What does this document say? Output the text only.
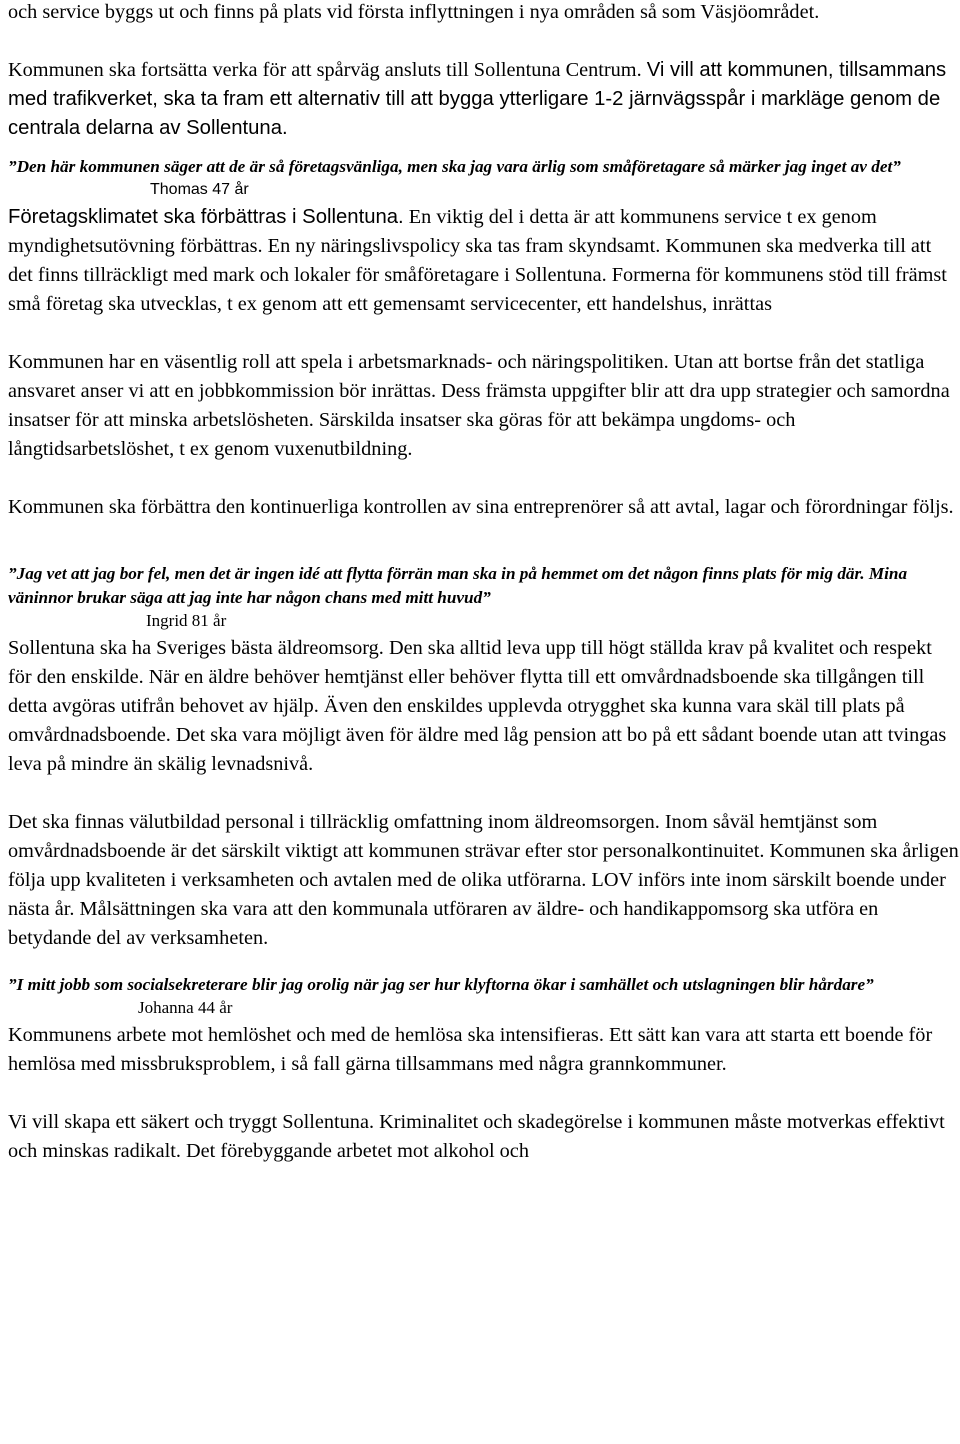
och service byggs ut och finns på plats vid första inflyttningen i nya områden så som Väsjöområdet.

Kommunen ska fortsätta verka för att spårväg ansluts till Sollentuna Centrum. Vi vill att kommunen, tillsammans med trafikverket, ska ta fram ett alternativ till att bygga ytterligare 1-2 järnvägsspår i markläge genom de centrala delarna av Sollentuna.

”Den här kommunen säger att de är så företagsvänliga, men ska jag vara ärlig som småföretagare så märker jag inget av det”

Thomas 47 år

Företagsklimatet ska förbättras i Sollentuna. En viktig del i detta är att kommunens service t ex genom myndighetsutövning förbättras. En ny näringslivspolicy ska tas fram skyndsamt. Kommunen ska medverka till att det finns tillräckligt med mark och lokaler för småföretagare i Sollentuna. Formerna för kommunens stöd till främst små företag ska utvecklas, t ex genom att ett gemensamt servicecenter, ett handelshus, inrättas

Kommunen har en väsentlig roll att spela i arbetsmarknads- och näringspolitiken. Utan att bortse från det statliga ansvaret anser vi att en jobbkommission bör inrättas. Dess främsta uppgifter blir att dra upp strategier och samordna insatser för att minska arbetslösheten. Särskilda insatser ska göras för att bekämpa ungdoms- och långtidsarbetslöshet, t ex genom vuxenutbildning.

Kommunen ska förbättra den kontinuerliga kontrollen av sina entreprenörer så att avtal, lagar och förordningar följs.

”Jag vet att jag bor fel, men det är ingen idé att flytta förrän man ska in på hemmet om det någon finns plats för mig där. Mina väninnor brukar säga att jag inte har någon chans med mitt huvud”

Ingrid 81 år

Sollentuna ska ha Sveriges bästa äldreomsorg. Den ska alltid leva upp till högt ställda krav på kvalitet och respekt för den enskilde. När en äldre behöver hemtjänst eller behöver flytta till ett omvårdnadsboende ska tillgången till detta avgöras utifrån behovet av hjälp. Även den enskildes upplevda otrygghet ska kunna vara skäl till plats på omvårdnadsboende. Det ska vara möjligt även för äldre med låg pension att bo på ett sådant boende utan att tvingas leva på mindre än skälig levnadsnivå.

Det ska finnas välutbildad personal i tillräcklig omfattning inom äldreomsorgen. Inom såväl hemtjänst som omvårdnadsboende är det särskilt viktigt att kommunen strävar efter stor personalkontinuitet. Kommunen ska årligen följa upp kvaliteten i verksamheten och avtalen med de olika utförarna. LOV införs inte inom särskilt boende under nästa år. Målsättningen ska vara att den kommunala utföraren av äldre- och handikappomsorg ska utföra en betydande del av verksamheten.

”I mitt jobb som socialsekreterare blir jag orolig när jag ser hur klyftorna ökar i samhället och utslagningen blir hårdare”

Johanna 44 år

Kommunens arbete mot hemlöshet och med de hemlösa ska intensifieras. Ett sätt kan vara att starta ett boende för hemlösa med missbruksproblem, i så fall gärna tillsammans med några grannkommuner.

Vi vill skapa ett säkert och tryggt Sollentuna. Kriminalitet och skadegörelse i kommunen måste motverkas effektivt och minskas radikalt. Det förebyggande arbetet mot alkohol och
